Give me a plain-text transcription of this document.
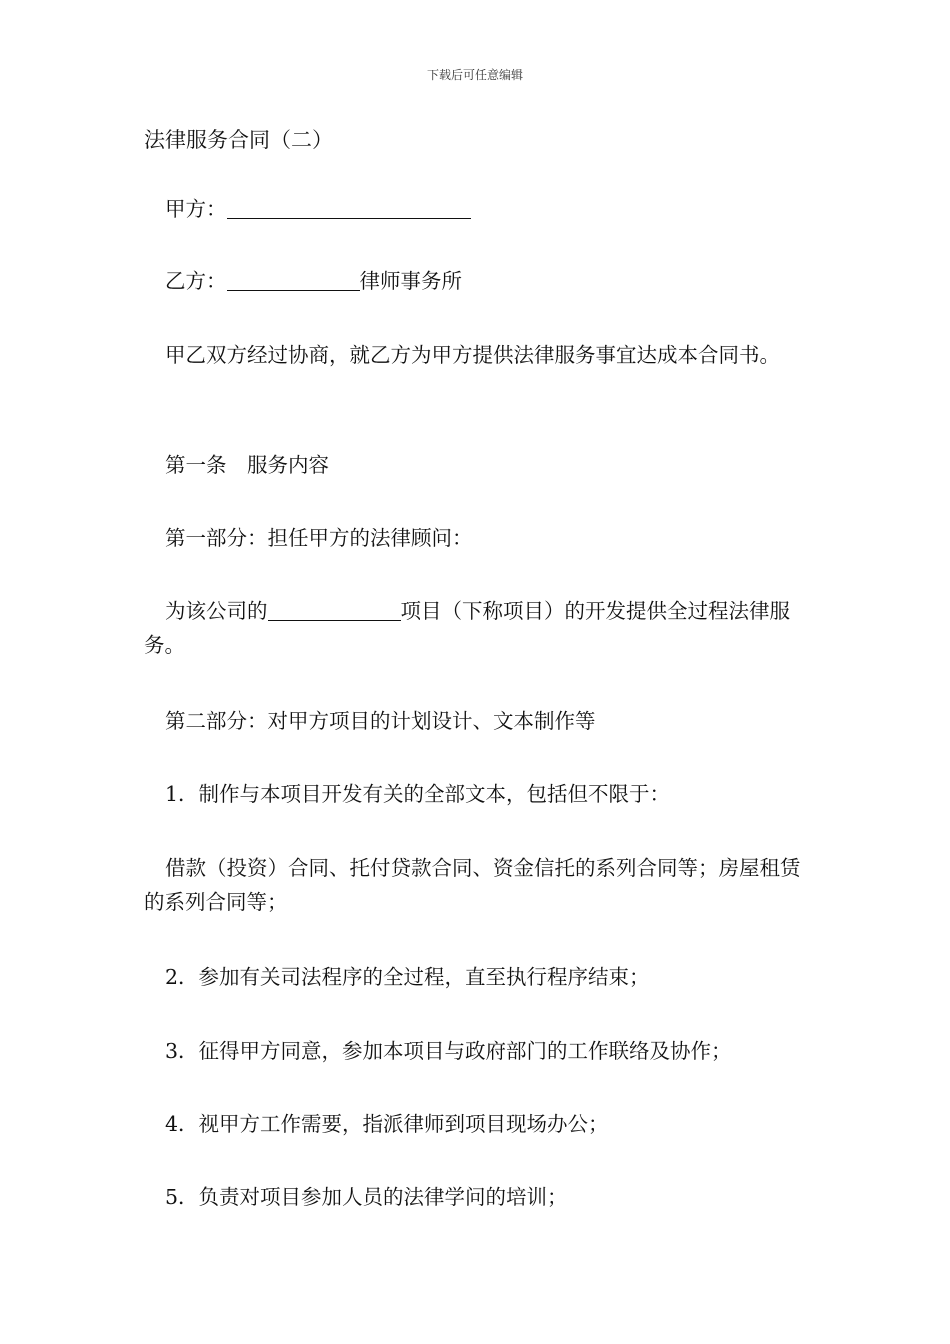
下载后可任意编辑
法律服务合同（二）

甲方：

乙方：	律师事务所

甲乙双方经过协商，就乙方为甲方提供法律服务事宜达成本合同书。

第一条　服务内容

第一部分：担任甲方的法律顾问：

为该公司的	项目（下称项目）的开发提供全过程法律服务。

第二部分：对甲方项目的计划设计、文本制作等

1．制作与本项目开发有关的全部文本，包括但不限于：

借款（投资）合同、托付贷款合同、资金信托的系列合同等；房屋租赁的系列合同等；

2．参加有关司法程序的全过程，直至执行程序结束；

3．征得甲方同意，参加本项目与政府部门的工作联络及协作；

4．视甲方工作需要，指派律师到项目现场办公；

5．负责对项目参加人员的法律学问的培训；
